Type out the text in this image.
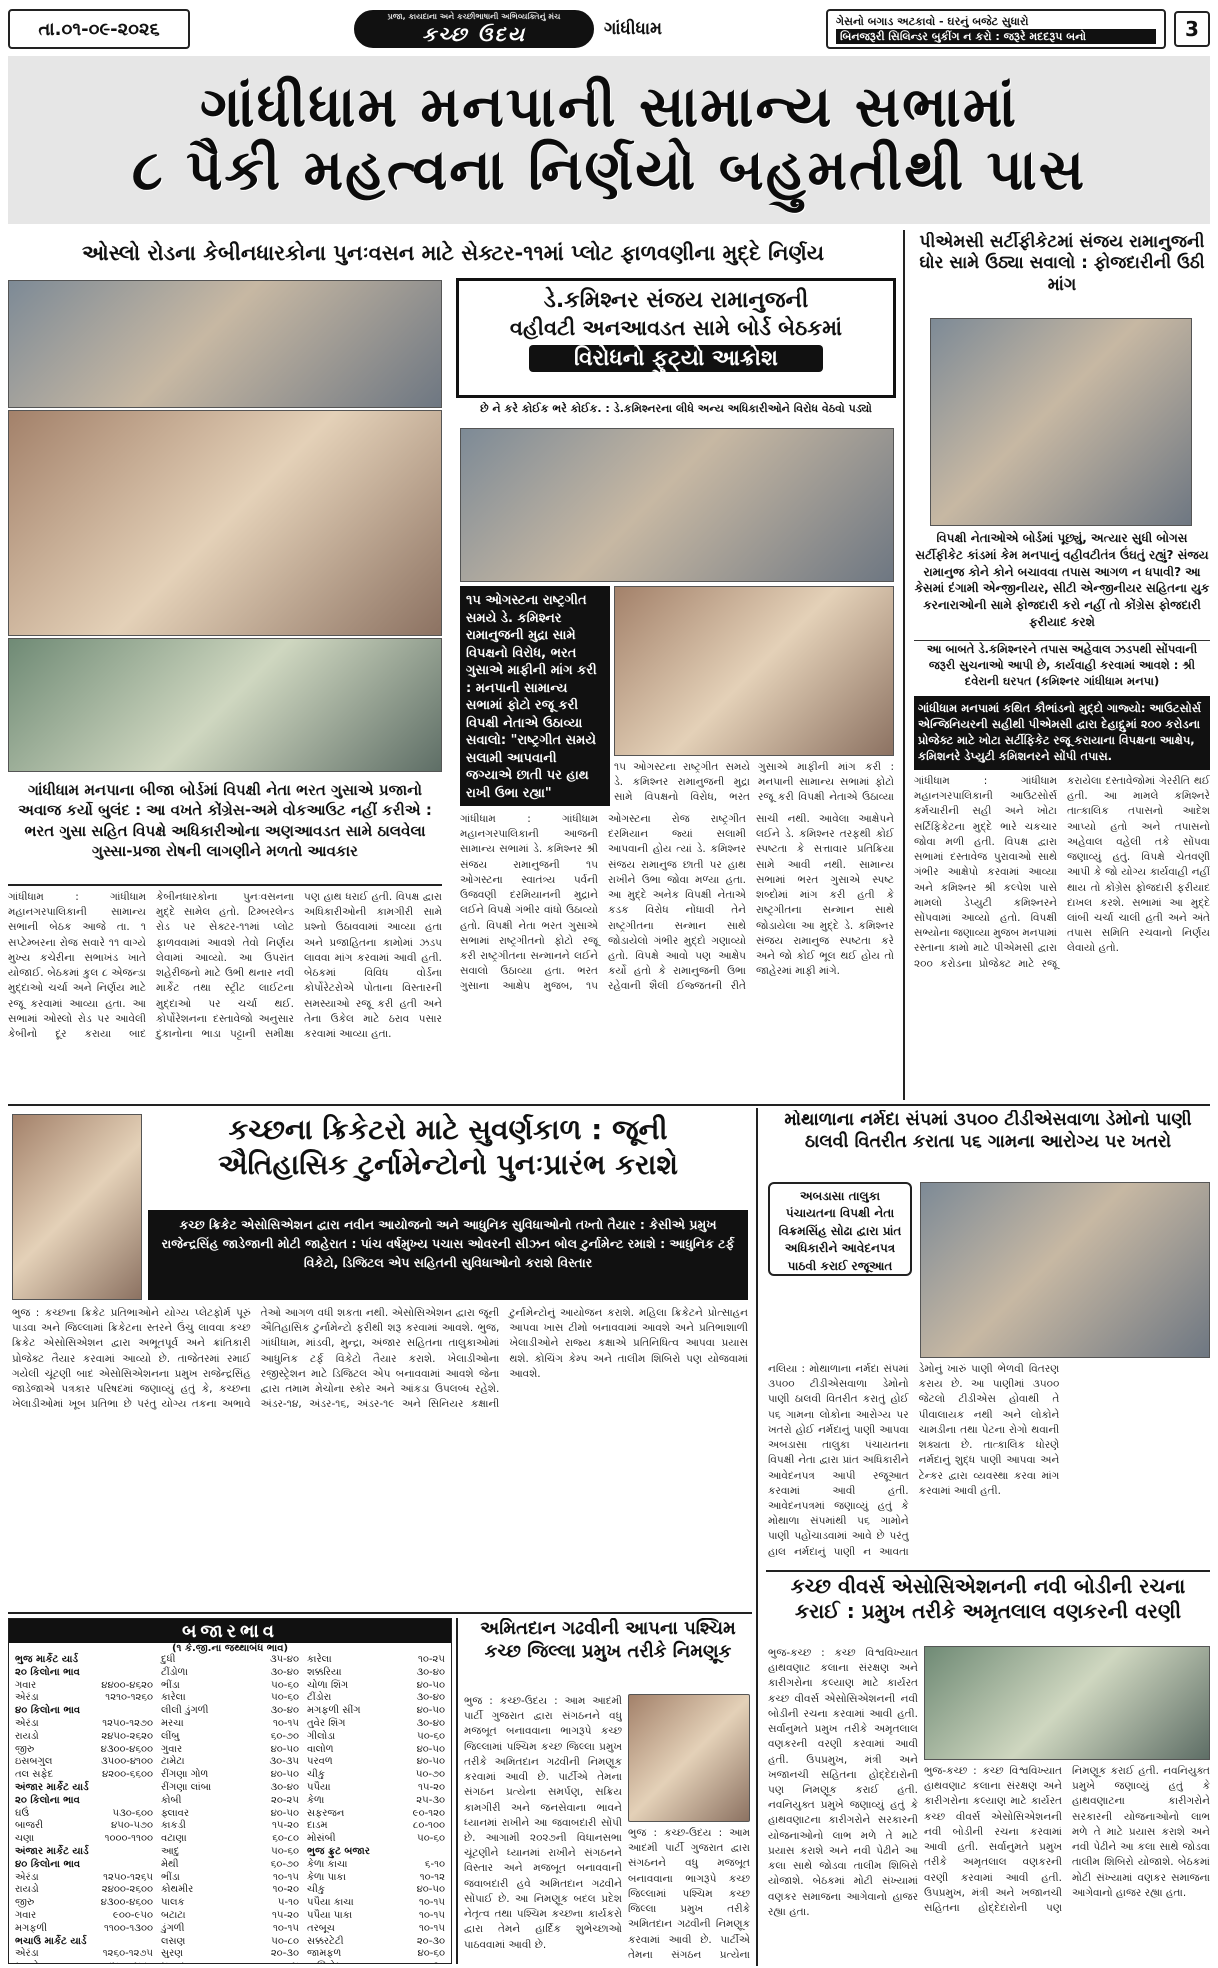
તા.૦૧-૦૯-૨૦૨૬
પ્રજા, કાયદાના અને કચ્છીભાષાની અભિવ્યક્તિનું મંચ
કચ્છ ઉદય	ગાંધીધામ	ગેસનો બગાડ અટકાવો - ઘરનું બજેટ સુધારો
બિનજરૂરી સિલિન્ડર બુકીંગ ન કરો : જરૂરે મદદરૂપ બનો	3
ગાંધીધામ મનપાની સામાન્ય સભામાં
૮ પૈકી મહત્વના નિર્ણયો બહુમતીથી પાસ
ઓસ્લો રોડના કેબીનધારકોના પુનઃવસન માટે સેક્ટર-૧૧માં પ્લોટ ફાળવણીના મુદ્દે નિર્ણય
ગાંધીધામ મનપાના બીજા બોર્ડમાં વિપક્ષી નેતા ભરત ગુસાએ પ્રજાનો અવાજ કર્યો બુલંદ : આ વખતે કોંગ્રેસ-અમે વોકઆઉટ નહીં કરીએ : ભરત ગુસા સહિત વિપક્ષે અધિકારીઓના અણઆવડત સામે ઠાલવેલા ગુસ્સા-પ્રજા રોષની લાગણીને મળતો આવકાર
ગાંધીધામ : ગાંધીધામ મહાનગરપાલિકાની સામાન્ય સભાની બેઠક આજે તા. ૧ સપ્ટેમ્બરના રોજ સવારે ૧૧ વાગ્યે મુખ્ય કચેરીના સભાખંડ ખાતે યોજાઈ. બેઠકમાં કુલ ૮ એજન્ડા મુદ્દાઓ ચર્ચા અને નિર્ણય માટે રજૂ કરવામાં આવ્યા હતા. આ સભામાં ઓસ્લો રોડ પર આવેલી કેબીનો દૂર કરાયા બાદ કેબીનધારકોના પુનઃવસનના મુદ્દે સામેલ હતો. ટિમ્બરલેન્ડ રોડ પર સેક્ટર-૧૧માં પ્લોટ ફાળવવામાં આવશે તેવો નિર્ણય લેવામાં આવ્યો. આ ઉપરાંત શહેરીજનો માટે ઉભી થનાર નવી માર્કેટ તથા સ્ટ્રીટ લાઈટના મુદ્દાઓ પર ચર્ચા થઈ. કોર્પોરેશનના દસ્તાવેજો અનુસાર દુકાનોના ભાડા પટ્ટાની સમીક્ષા પણ હાથ ધરાઈ હતી. વિપક્ષ દ્વારા અધિકારીઓની કામગીરી સામે પ્રશ્નો ઉઠાવવામાં આવ્યા હતા અને પ્રજાહિતના કામોમાં ઝડપ લાવવા માંગ કરવામાં આવી હતી. બેઠકમાં વિવિધ વોર્ડના કોર્પોરેટરોએ પોતાના વિસ્તારની સમસ્યાઓ રજૂ કરી હતી અને તેના ઉકેલ માટે ઠરાવ પસાર કરવામાં આવ્યા હતા.
ડે.કમિશ્નર સંજય રામાનુજની
વહીવટી અનઆવડત સામે બોર્ડ બેઠકમાં
વિરોધનો ફુટ્યો આક્રોશ
છે ને કરે કોઈક ભરે કોઈક. : ડે.કમિશ્નરના લીધે અન્ય અધિકારીઓને વિરોધ વેઠવો પડ્યો
૧૫ ઓગસ્ટના રાષ્ટ્રગીત સમયે ડે. કમિશ્નર રામાનુજની મુદ્રા સામે વિપક્ષનો વિરોધ, ભરત ગુસાએ માફીની માંગ કરી : મનપાની સામાન્ય સભામાં ફોટો રજૂ કરી વિપક્ષી નેતાએ ઉઠાવ્યા સવાલો: "રાષ્ટ્રગીત સમયે સલામી આપવાની જગ્યાએ છાતી પર હાથ રાખી ઉભા રહ્યા"
૧૫ ઓગસ્ટના રાષ્ટ્રગીત સમયે ડે. કમિશ્નર રામાનુજની મુદ્રા સામે વિપક્ષનો વિરોધ, ભરત ગુસાએ માફીની માંગ કરી : મનપાની સામાન્ય સભામાં ફોટો રજૂ કરી વિપક્ષી નેતાએ ઉઠાવ્યા
ગાંધીધામ : ગાંધીધામ મહાનગરપાલિકાની આજની સામાન્ય સભામાં ડે. કમિશ્નર શ્રી સંજય રામાનુજની ૧૫ ઓગસ્ટના સ્વાતંત્ર્ય પર્વની ઉજવણી દરમિયાનની મુદ્રાને લઈને વિપક્ષે ગંભીર વાંધો ઉઠાવ્યો હતો. વિપક્ષી નેતા ભરત ગુસાએ સભામાં રાષ્ટ્રગીતનો ફોટો રજૂ કરી રાષ્ટ્રગીતના સન્માનને લઈને સવાલો ઉઠાવ્યા હતા. ભરત ગુસાના આક્ષેપ મુજબ, ૧૫ ઓગસ્ટના રોજ રાષ્ટ્રગીત દરમિયાન જ્યાં સલામી આપવાની હોય ત્યાં ડે. કમિશ્નર સંજય રામાનુજ છાતી પર હાથ રાખીને ઉભા જોવા મળ્યા હતા. આ મુદ્દે અનેક વિપક્ષી નેતાએ કડક વિરોધ નોંધાવી તેને રાષ્ટ્રગીતના સન્માન સાથે જોડાયેલો ગંભીર મુદ્દો ગણાવ્યો હતો. વિપક્ષે આવો પણ આક્ષેપ કર્યો હતો કે રામાનુજની ઉભા રહેવાની શૈલી ઈજ્જતની રીતે સાચી નથી. આવેલા આક્ષેપને લઈને ડે. કમિશ્નર તરફથી કોઈ સ્પષ્ટતા કે સત્તાવાર પ્રતિક્રિયા સામે આવી નથી. સામાન્ય સભામાં ભરત ગુસાએ સ્પષ્ટ શબ્દોમાં માંગ કરી હતી કે રાષ્ટ્રગીતના સન્માન સાથે જોડાયેલા આ મુદ્દે ડે. કમિશ્નર સંજય રામાનુજ સ્પષ્ટતા કરે અને જો કોઈ ભૂલ થઈ હોય તો જાહેરમાં માફી માંગે.
પીએમસી સર્ટીફીકેટમાં સંજય રામાનુજની ઘોર સામે ઉઠ્યા સવાલો : ફોજદારીની ઉઠી માંગ
વિપક્ષી નેતાઓએ બોર્ડમાં પૂછ્યું, અત્યાર સુધી બોગસ સર્ટીફીકેટ કાંડમાં કેમ મનપાનું વહીવટીતંત્ર ઉંઘતું રહ્યું? સંજય રામાનુજ કોને કોને બચાવવા તપાસ આગળ ન ધપાવી? આ કેસમાં દંગામી એન્જીનીયર, સીટી એન્જીનીયર સહિતના યુક કરનારાઓની સામે ફોજદારી કરો નહીં તો કોંગ્રેસ ફોજદારી ફરીયાદ કરશે
આ બાબતે ડે.કમિશ્નરને તપાસ અહેવાલ ઝડપથી સોંપવાની જરૂરી સુચનાઓ આપી છે, કાર્યવાહી કરવામાં આવશે : શ્રી દવેરાની ઘરપત (કમિશ્નર ગાંધીધામ મનપા)
ગાંધીધામ મનપામાં કથિત કૌભાંડનો મુદ્દો ગાજ્યો: આઉટસોર્સ એન્જિનિયરની સહીથી પીએમસી દ્વારા દેહાદ્દ્રુમાં ૨૦૦ કરોડના પ્રોજેક્ટ માટે ખોટા સર્ટીફિકેટ રજૂ કરાયાના વિપક્ષના આક્ષેપ, કમિશનરે ડેપ્યુટી કમિશનરને સોંપી તપાસ.
ગાંધીધામ : ગાંધીધામ મહાનગરપાલિકાની આઉટસોર્સ કર્મચારીની સહી અને ખોટા સર્ટિફિકેટના મુદ્દે ભારે ચકચાર જોવા મળી હતી. વિપક્ષ દ્વારા સભામાં દસ્તાવેજ પુરાવાઓ સાથે ગંભીર આક્ષેપો કરવામાં આવ્યા અને કમિશ્નર શ્રી કલ્પેશ પાસે મામલો ડેપ્યુટી કમિશ્નરને સોંપવામાં આવ્યો હતો. વિપક્ષી સભ્યોના જણાવ્યા મુજબ મનપામાં રસ્તાના કામો માટે પીએમસી દ્વારા ૨૦૦ કરોડના પ્રોજેક્ટ માટે રજૂ કરાયેલા દસ્તાવેજોમાં ગેરરીતિ થઈ હતી. આ મામલે કમિશ્નરે તાત્કાલિક તપાસનો આદેશ આપ્યો હતો અને તપાસનો અહેવાલ વહેલી તકે સોંપવા જણાવ્યું હતું. વિપક્ષે ચેતવણી આપી કે જો યોગ્ય કાર્યવાહી નહીં થાય તો કોંગ્રેસ ફોજદારી ફરીયાદ દાખલ કરશે. સભામાં આ મુદ્દે લાંબી ચર્ચા ચાલી હતી અને અંતે તપાસ સમિતિ રચવાનો નિર્ણય લેવાયો હતો.
કચ્છના ક્રિકેટરો માટે સુવર્ણકાળ : જૂની
ઐતિહાસિક ટુર્નામેન્ટોનો પુનઃપ્રારંભ કરાશે
કચ્છ ક્રિકેટ એસોસિએશન દ્વારા નવીન આયોજનો અને આધુનિક સુવિધાઓનો તખ્તો તૈયાર : કેસીએ પ્રમુખ રાજેન્દ્રસિંહ જાડેજાની મોટી જાહેરાત : પાંચ વર્ષમુખ્ય પચાસ ઓવરની સીઝન બોલ ટુર્નામેન્ટ રમાશે : આધુનિક ટર્ફ વિકેટો, ડિજિટલ એપ સહિતની સુવિધાઓનો કરાશે વિસ્તાર
ભુજ : કચ્છના ક્રિકેટ પ્રતિભાઓને યોગ્ય પ્લેટફોર્મ પૂરું પાડવા અને જિલ્લામાં ક્રિકેટના સ્તરને ઉંચુ લાવવા કચ્છ ક્રિકેટ એસોસિએશન દ્વારા અભૂતપૂર્વ અને ક્રાંતિકારી પ્રોજેક્ટ તૈયાર કરવામાં આવ્યો છે. તાજેતરમાં રમાઈ ગયેલી ચૂંટણી બાદ એસોસિએશનના પ્રમુખ રાજેન્દ્રસિંહ જાડેજાએ પત્રકાર પરિષદમાં જણાવ્યું હતું કે, કચ્છના ખેલાડીઓમાં ખૂબ પ્રતિભા છે પરંતુ યોગ્ય તકના અભાવે તેઓ આગળ વધી શકતા નથી. એસોસિએશન દ્વારા જૂની ઐતિહાસિક ટુર્નામેન્ટો ફરીથી શરૂ કરવામાં આવશે. ભુજ, ગાંધીધામ, માંડવી, મુન્દ્રા, અંજાર સહિતના તાલુકાઓમાં આધુનિક ટર્ફ વિકેટો તૈયાર કરાશે. ખેલાડીઓના રજીસ્ટ્રેશન માટે ડિજિટલ એપ બનાવવામાં આવશે જેના દ્વારા તમામ મેચોના સ્કોર અને આંકડા ઉપલબ્ધ રહેશે. અંડર-૧૪, અંડર-૧૬, અંડર-૧૯ અને સિનિયર કક્ષાની ટુર્નામેન્ટોનું આયોજન કરાશે. મહિલા ક્રિકેટને પ્રોત્સાહન આપવા ખાસ ટીમો બનાવવામાં આવશે અને પ્રતિભાશાળી ખેલાડીઓને રાજ્ય કક્ષાએ પ્રતિનિધિત્વ આપવા પ્રયાસ થશે. કોચિંગ કેમ્પ અને તાલીમ શિબિરો પણ યોજવામાં આવશે.
મોથાળાના નર્મદા સંપમાં ૩૫૦૦ ટીડીએસવાળા ડેમોનો પાણી ઠાલવી વિતરીત કરાતા ૫૬ ગામના આરોગ્ય પર ખતરો
અબડાસા તાલુકા પંચાયતના વિપક્ષી નેતા વિક્રમસિંહ સોઢા દ્વારા પ્રાંત અધિકારીને આવેદનપત્ર પાઠવી કરાઈ રજૂઆત
નલિયા : મોથાળાના નર્મદા સંપમાં ૩૫૦૦ ટીડીએસવાળા ડેમોનો પાણી ઠાલવી વિતરીત કરાતું હોઈ ૫૬ ગામના લોકોના આરોગ્ય પર ખતરો હોઈ નર્મદાનું પાણી આપવા અબડાસા તાલુકા પંચાયતના વિપક્ષી નેતા દ્વારા પ્રાંત અધિકારીને આવેદનપત્ર આપી રજૂઆત કરવામાં આવી હતી. આવેદનપત્રમાં જણાવ્યું હતું કે મોથાળા સંપમાંથી ૫૬ ગામોને પાણી પહોંચાડવામાં આવે છે પરંતુ હાલ નર્મદાનું પાણી ન આવતા ડેમોનું ખારું પાણી ભેળવી વિતરણ કરાય છે. આ પાણીમાં ૩૫૦૦ જેટલો ટીડીએસ હોવાથી તે પીવાલાયક નથી અને લોકોને ચામડીના તથા પેટના રોગો થવાની શક્યતા છે. તાત્કાલિક ધોરણે નર્મદાનું શુદ્ધ પાણી આપવા અને ટેન્કર દ્વારા વ્યવસ્થા કરવા માંગ કરવામાં આવી હતી.
કચ્છ વીવર્સ એસોસિએશનની નવી બોડીની રચના
કરાઈ : પ્રમુખ તરીકે અમૃતલાલ વણકરની વરણી
ભુજ-કચ્છ : કચ્છ વિશ્વવિખ્યાત હાથવણાટ કલાના સંરક્ષણ અને કારીગરોના કલ્યાણ માટે કાર્યરત કચ્છ વીવર્સ એસોસિએશનની નવી બોડીની રચના કરવામાં આવી હતી. સર્વાનુમતે પ્રમુખ તરીકે અમૃતલાલ વણકરની વરણી કરવામાં આવી હતી. ઉપપ્રમુખ, મંત્રી અને ખજાનચી સહિતના હોદ્દેદારોની પણ નિમણૂક કરાઈ હતી. નવનિયુક્ત પ્રમુખે જણાવ્યું હતું કે હાથવણાટના કારીગરોને સરકારની યોજનાઓનો લાભ મળે તે માટે પ્રયાસ કરાશે અને નવી પેઢીને આ કલા સાથે જોડવા તાલીમ શિબિરો યોજાશે. બેઠકમાં મોટી સંખ્યામાં વણકર સમાજના આગેવાનો હાજર રહ્યા હતા.
ભુજ-કચ્છ : કચ્છ વિશ્વવિખ્યાત હાથવણાટ કલાના સંરક્ષણ અને કારીગરોના કલ્યાણ માટે કાર્યરત કચ્છ વીવર્સ એસોસિએશનની નવી બોડીની રચના કરવામાં આવી હતી. સર્વાનુમતે પ્રમુખ તરીકે અમૃતલાલ વણકરની વરણી કરવામાં આવી હતી. ઉપપ્રમુખ, મંત્રી અને ખજાનચી સહિતના હોદ્દેદારોની પણ નિમણૂક કરાઈ હતી. નવનિયુક્ત પ્રમુખે જણાવ્યું હતું કે હાથવણાટના કારીગરોને સરકારની યોજનાઓનો લાભ મળે તે માટે પ્રયાસ કરાશે અને નવી પેઢીને આ કલા સાથે જોડવા તાલીમ શિબિરો યોજાશે. બેઠકમાં મોટી સંખ્યામાં વણકર સમાજના આગેવાનો હાજર રહ્યા હતા.
બજારભાવ
(૧ કે.જી.ના જથ્થાબંધ ભાવ)
ભુજ માર્કેટ યાર્ડ	
૨૦ કિલોના ભાવ	
ગવાર	૪૪૦૦-૪૬૨૦
એરંડા	૧૨૧૦-૧૨૬૦
૪૦ કિલોના ભાવ	
એરંડા	૧૨૫૦-૧૨૭૦
રાયડો	૨૪૫૦-૨૬૨૦
જીરુ	૪૩૦૦-૪૬૦૦
ઇસબગુલ	૩૫૦૦-૪૧૦૦
તલ સફેદ	૪૨૦૦-૬૬૦૦
અંજાર માર્કેટ યાર્ડ	
૨૦ કિલોના ભાવ	
ઘઉં	૫૩૦-૬૦૦
બાજરી	૪૫૦-૫૭૦
ચણા	૧૦૦૦-૧૧૦૦
અંજાર માર્કેટ યાર્ડ	
૪૦ કિલોના ભાવ	
એરંડા	૧૨૫૦-૧૨૬૫
રાયડો	૨૪૦૦-૨૬૦૦
જીરુ	૪૩૦૦-૪૬૦૦
ગવાર	૯૦૦-૯૫૦
મગફળી	૧૧૦૦-૧૩૦૦
ભચાઉ માર્કેટ યાર્ડ	
એરંડા	૧૨૬૦-૧૨૭૫

દુધી	૩૫-૪૦
ટીંડોળા	૩૦-૪૦
ભીંડા	૫૦-૬૦
કારેલા	૫૦-૬૦
લીલી ડુંગળી	૩૦-૪૦
મરચા	૧૦-૧૫
લીંબુ	૬૦-૭૦
ગુવાર	૪૦-૫૦
ટામેટા	૩૦-૩૫
રીંગણા ગોળ	૪૦-૫૦
રીંગણા લાંબા	૩૦-૪૦
કોબી	૨૦-૨૫
ફ્લાવર	૪૦-૫૦
કાકડી	૧૫-૨૦
વટાણા	૬૦-૮૦
આદુ	૫૦-૬૦
મેથી	૬૦-૭૦
ભીંડા	૧૦-૧૫
કોથમીર	૧૦-૨૦
પાલક	૫-૧૦
બટાટા	૧૫-૨૦
ડુંગળી	૧૦-૧૫
લસણ	૫૦-૮૦
સુરણ	૨૦-૩૦

કારેલા	૧૦-૨૫
શક્કરિયા	૩૦-૪૦
ચોળા શિંગ	૪૦-૫૦
ટીંડોરા	૩૦-૪૦
મગફળી સીંગ	૪૦-૫૦
તુવેર શિંગ	૩૦-૪૦
ગીલોડા	૫૦-૬૦
વાલોળ	૪૦-૫૦
પરવળ	૪૦-૫૦
ચીકુ	૫૦-૭૦
પપૈયા	૧૫-૨૦
કેળા	૨૫-૩૦
સફરજન	૯૦-૧૨૦
દાડમ	૮૦-૧૦૦
મોસંબી	૫૦-૬૦
ભુજ ફ્રુટ બજાર	
કેળા કાચા	૬-૧૦
કેળા પાકા	૧૦-૧૨
ચીકુ	૪૦-૫૦
પપૈયા કાચા	૧૦-૧૫
પપૈયા પાકા	૧૦-૧૫
તરબૂચ	૧૦-૧૫
સક્કરટેટી	૨૦-૩૦
જામફળ	૪૦-૬૦

અમિતદાન ગઢવીની આપના પશ્ચિમ કચ્છ જિલ્લા પ્રમુખ તરીકે નિમણૂક
ભુજ : કચ્છ-ઉદય : આમ આદમી પાર્ટી ગુજરાત દ્વારા સંગઠનને વધુ મજબૂત બનાવવાના ભાગરૂપે કચ્છ જિલ્લામાં પશ્ચિમ કચ્છ જિલ્લા પ્રમુખ તરીકે અમિતદાન ગઢવીની નિમણૂક કરવામાં આવી છે. પાર્ટીએ તેમના સંગઠન પ્રત્યેના સમર્પણ, સક્રિય કામગીરી અને જનસેવાના ભાવને ધ્યાનમાં રાખીને આ જવાબદારી સોંપી છે. આગામી ૨૦૨૭ની વિધાનસભા ચૂંટણીને ધ્યાનમાં રાખીને સંગઠનને વિસ્તાર અને મજબૂત બનાવવાની જવાબદારી હવે અમિતદાન ગઢવીને સોંપાઈ છે. આ નિમણૂક બદલ પ્રદેશ નેતૃત્વ તથા પશ્ચિમ કચ્છના કાર્યકરો દ્વારા તેમને હાર્દિક શુભેચ્છાઓ પાઠવવામાં આવી છે.
ભુજ : કચ્છ-ઉદય : આમ આદમી પાર્ટી ગુજરાત દ્વારા સંગઠનને વધુ મજબૂત બનાવવાના ભાગરૂપે કચ્છ જિલ્લામાં પશ્ચિમ કચ્છ જિલ્લા પ્રમુખ તરીકે અમિતદાન ગઢવીની નિમણૂક કરવામાં આવી છે. પાર્ટીએ તેમના સંગઠન પ્રત્યેના
